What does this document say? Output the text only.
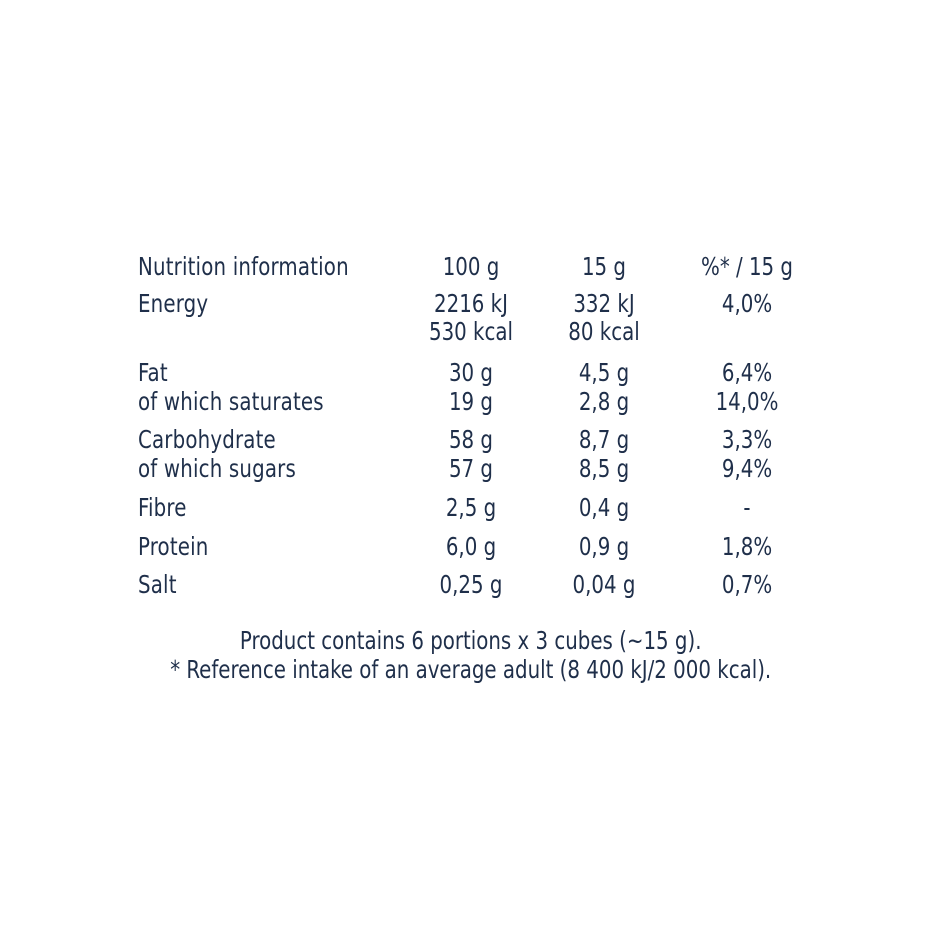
Nutrition information	100 g	15 g	%* / 15 g
Energy	2216 kJ	332 kJ	4,0%
530 kcal	80 kcal
Fat	30 g	4,5 g	6,4%
of which saturates	19 g	2,8 g	14,0%
Carbohydrate	58 g	8,7 g	3,3%
of which sugars	57 g	8,5 g	9,4%
Fibre	2,5 g	0,4 g	-
Protein	6,0 g	0,9 g	1,8%
Salt	0,25 g	0,04 g	0,7%
Product contains 6 portions x 3 cubes (~15 g).
* Reference intake of an average adult (8 400 kJ/2 000 kcal).
